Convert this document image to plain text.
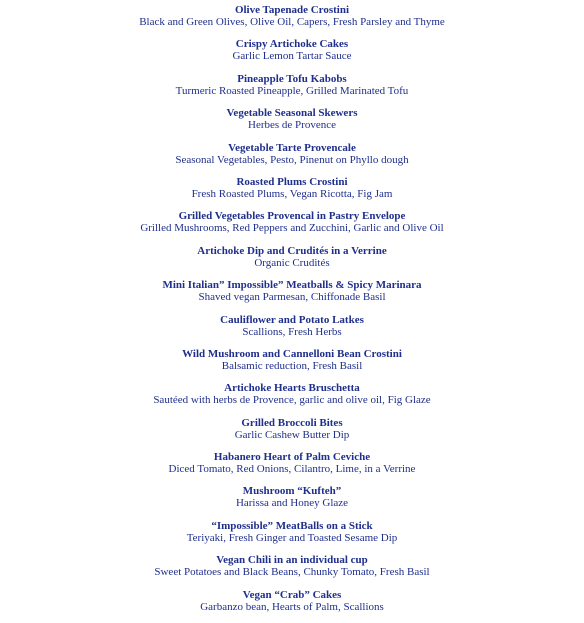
Olive Tapenade Crostini

Black and Green Olives, Olive Oil, Capers, Fresh Parsley and Thyme

Crispy Artichoke Cakes

Garlic Lemon Tartar Sauce

Pineapple Tofu Kabobs

Turmeric Roasted Pineapple, Grilled Marinated Tofu

Vegetable Seasonal Skewers

Herbes de Provence

Vegetable Tarte Provencale

Seasonal Vegetables, Pesto, Pinenut on Phyllo dough

Roasted Plums Crostini

Fresh Roasted Plums, Vegan Ricotta, Fig Jam

Grilled Vegetables Provencal in Pastry Envelope

Grilled Mushrooms, Red Peppers and Zucchini, Garlic and Olive Oil

Artichoke Dip and Crudités in a Verrine

Organic Crudités

Mini Italian” Impossible” Meatballs & Spicy Marinara

Shaved vegan Parmesan, Chiffonade Basil

Cauliflower and Potato Latkes

Scallions, Fresh Herbs

Wild Mushroom and Cannelloni Bean Crostini

Balsamic reduction, Fresh Basil

Artichoke Hearts Bruschetta

Sautéed with herbs de Provence, garlic and olive oil, Fig Glaze

Grilled Broccoli Bites

Garlic Cashew Butter Dip

Habanero Heart of Palm Ceviche

Diced Tomato, Red Onions, Cilantro, Lime, in a Verrine

Mushroom “Kufteh”

Harissa and Honey Glaze

“Impossible” MeatBalls on a Stick

Teriyaki, Fresh Ginger and Toasted Sesame Dip

Vegan Chili in an individual cup

Sweet Potatoes and Black Beans, Chunky Tomato, Fresh Basil

Vegan “Crab” Cakes

Garbanzo bean, Hearts of Palm, Scallions
